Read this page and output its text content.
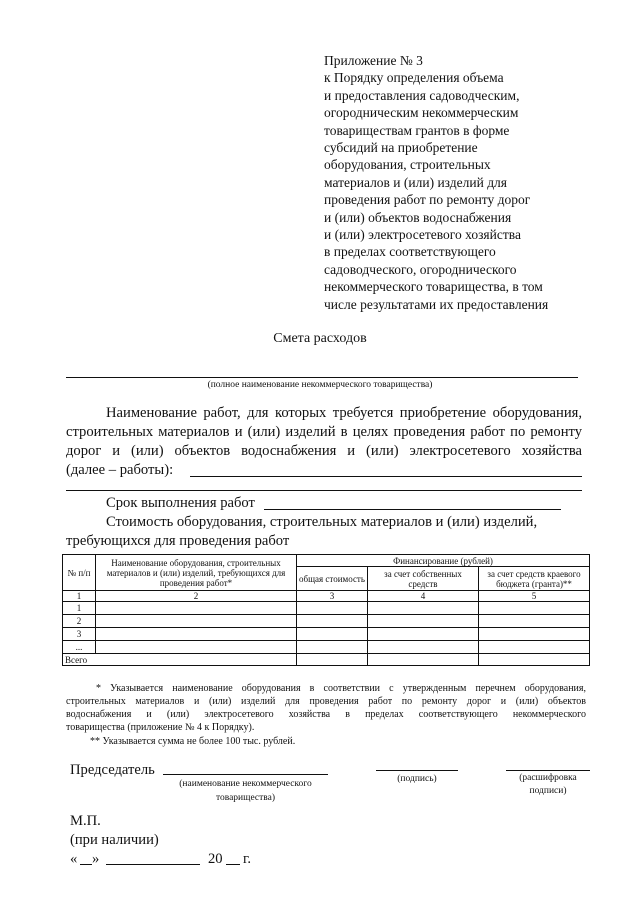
Приложение № 3
к Порядку определения объема
и предоставления садоводческим,
огородническим некоммерческим
товариществам грантов в форме
субсидий на приобретение
оборудования, строительных
материалов и (или) изделий для
проведения работ по ремонту дорог
и (или) объектов водоснабжения
и (или) электросетевого хозяйства
в пределах соответствующего
садоводческого, огороднического
некоммерческого товарищества, в том
числе результатами их предоставления
Смета расходов
(полное наименование некоммерческого товарищества)
Наименование работ, для которых требуется приобретение оборудования,
строительных материалов и (или) изделий в целях проведения работ по ремонту
дорог и (или) объектов водоснабжения и (или) электросетевого хозяйства
(далее – работы):
Срок выполнения работ
Стоимость оборудования, строительных материалов и (или) изделий,
требующихся для проведения работ
№ п/п	Наименование оборудования, строительных материалов и (или) изделий, требующихся для проведения работ*	Финансирование (рублей)		
		общая стоимость	за счет собственных средств	за счет средств краевого бюджета (гранта)**
1	2	3	4	5
1				
2				
3				
...				
Всего				
* Указывается наименование оборудования в соответствии с утвержденным перечнем оборудования,
строительных материалов и (или) изделий для проведения работ по ремонту дорог и (или) объектов
водоснабжения и (или) электросетевого хозяйства в пределах соответствующего некоммерческого
товарищества (приложение № 4 к Порядку).
** Указывается сумма не более 100 тыс. рублей.
Председатель
(наименование некоммерческого
товарищества)
(подпись)	(расшифровка
подписи)
М.П.
(при наличии)
« »	20 г.
